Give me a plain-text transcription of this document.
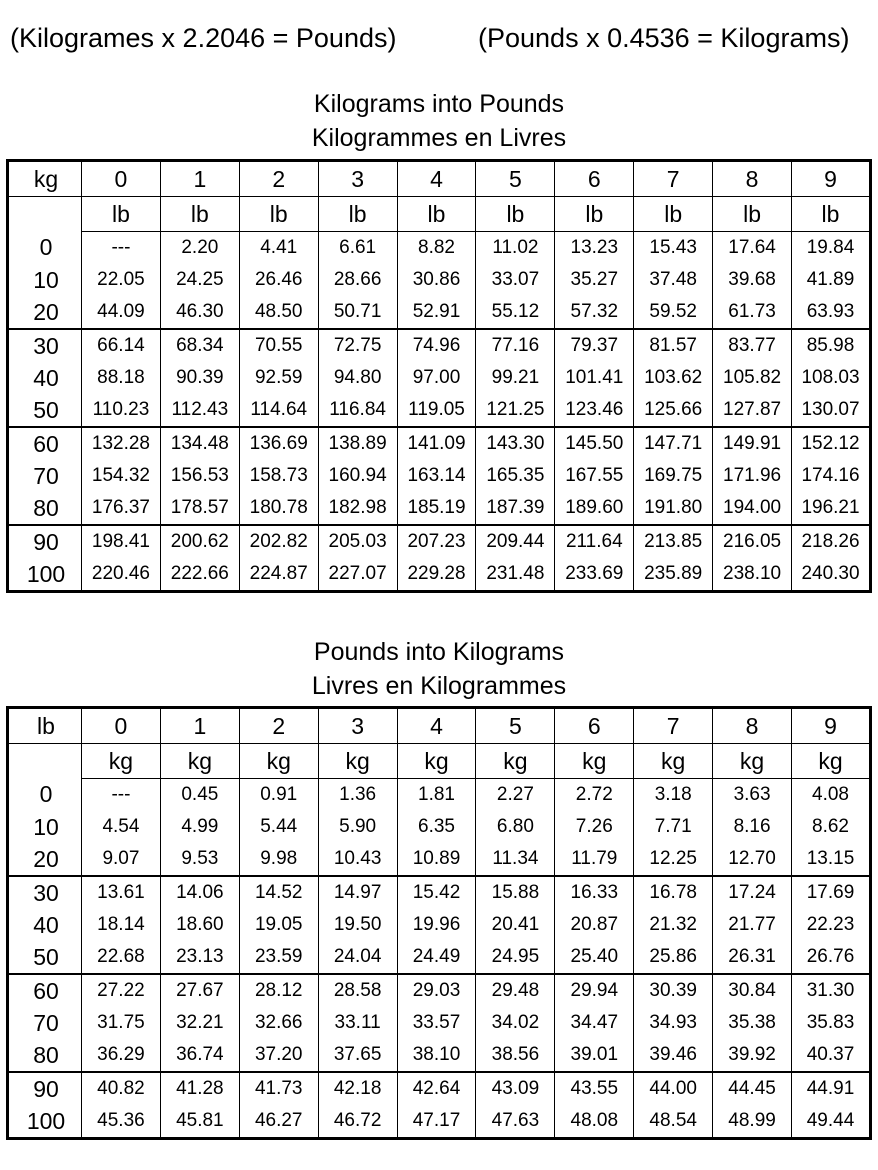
(Kilogrames x 2.2046 = Pounds)	(Pounds x 0.4536 = Kilograms)
Kilograms into Pounds
Kilogrammes en Livres
kg	0	1	2	3	4	5	6	7	8	9
	lb	lb	lb	lb	lb	lb	lb	lb	lb	lb
0	---	2.20	4.41	6.61	8.82	11.02	13.23	15.43	17.64	19.84
10	22.05	24.25	26.46	28.66	30.86	33.07	35.27	37.48	39.68	41.89
20	44.09	46.30	48.50	50.71	52.91	55.12	57.32	59.52	61.73	63.93
30	66.14	68.34	70.55	72.75	74.96	77.16	79.37	81.57	83.77	85.98
40	88.18	90.39	92.59	94.80	97.00	99.21	101.41	103.62	105.82	108.03
50	110.23	112.43	114.64	116.84	119.05	121.25	123.46	125.66	127.87	130.07
60	132.28	134.48	136.69	138.89	141.09	143.30	145.50	147.71	149.91	152.12
70	154.32	156.53	158.73	160.94	163.14	165.35	167.55	169.75	171.96	174.16
80	176.37	178.57	180.78	182.98	185.19	187.39	189.60	191.80	194.00	196.21
90	198.41	200.62	202.82	205.03	207.23	209.44	211.64	213.85	216.05	218.26
100	220.46	222.66	224.87	227.07	229.28	231.48	233.69	235.89	238.10	240.30
Pounds into Kilograms
Livres en Kilogrammes
lb	0	1	2	3	4	5	6	7	8	9
	kg	kg	kg	kg	kg	kg	kg	kg	kg	kg
0	---	0.45	0.91	1.36	1.81	2.27	2.72	3.18	3.63	4.08
10	4.54	4.99	5.44	5.90	6.35	6.80	7.26	7.71	8.16	8.62
20	9.07	9.53	9.98	10.43	10.89	11.34	11.79	12.25	12.70	13.15
30	13.61	14.06	14.52	14.97	15.42	15.88	16.33	16.78	17.24	17.69
40	18.14	18.60	19.05	19.50	19.96	20.41	20.87	21.32	21.77	22.23
50	22.68	23.13	23.59	24.04	24.49	24.95	25.40	25.86	26.31	26.76
60	27.22	27.67	28.12	28.58	29.03	29.48	29.94	30.39	30.84	31.30
70	31.75	32.21	32.66	33.11	33.57	34.02	34.47	34.93	35.38	35.83
80	36.29	36.74	37.20	37.65	38.10	38.56	39.01	39.46	39.92	40.37
90	40.82	41.28	41.73	42.18	42.64	43.09	43.55	44.00	44.45	44.91
100	45.36	45.81	46.27	46.72	47.17	47.63	48.08	48.54	48.99	49.44
